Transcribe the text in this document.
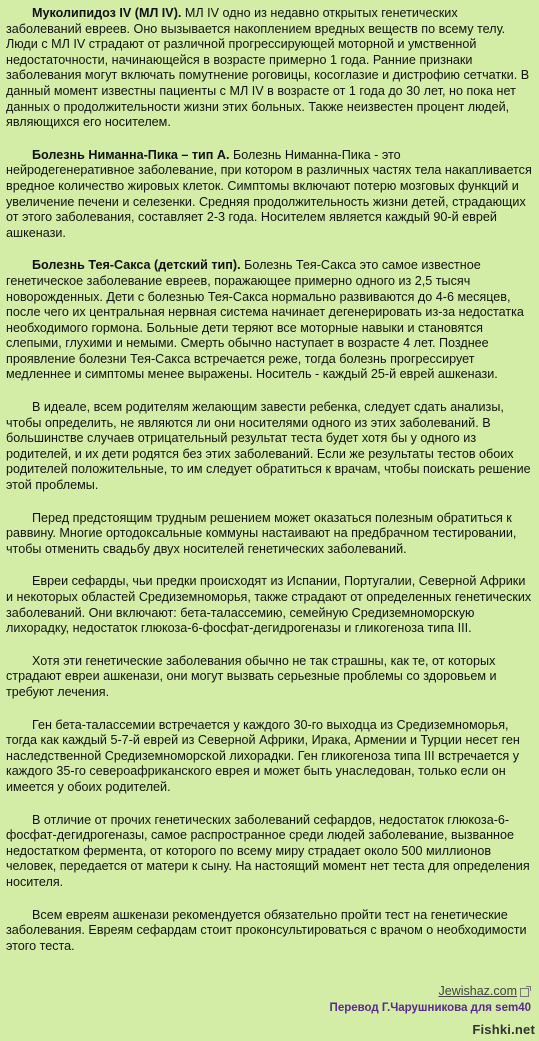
Муколипидоз IV (МЛ IV). МЛ IV одно из недавно открытых генетических заболеваний евреев. Оно вызывается накоплением вредных веществ по всему телу. Люди с МЛ IV страдают от различной прогрессирующей моторной и умственной недостаточности, начинающейся в возрасте примерно 1 года. Ранние признаки заболевания могут включать помутнение роговицы, косоглазие и дистрофию сетчатки. В данный момент известны пациенты с МЛ IV в возрасте от 1 года до 30 лет, но пока нет данных о продолжительности жизни этих больных. Также неизвестен процент людей, являющихся его носителем.

Болезнь Ниманна-Пика – тип А. Болезнь Ниманна-Пика - это нейродегенеративное заболевание, при котором в различных частях тела накапливается вредное количество жировых клеток. Симптомы включают потерю мозговых функций и увеличение печени и селезенки. Средняя продолжительность жизни детей, страдающих от этого заболевания, составляет 2-3 года. Носителем является каждый 90-й еврей ашкенази.

Болезнь Тея-Сакса (детский тип). Болезнь Тея-Сакса это самое известное генетическое заболевание евреев, поражающее примерно одного из 2,5 тысяч новорожденных. Дети с болезнью Тея-Сакса нормально развиваются до 4-6 месяцев, после чего их центральная нервная система начинает дегенерировать из-за недостатка необходимого гормона. Больные дети теряют все моторные навыки и становятся слепыми, глухими и немыми. Смерть обычно наступает в возрасте 4 лет. Позднее проявление болезни Тея-Сакса встречается реже, тогда болезнь прогрессирует медленнее и симптомы менее выражены. Носитель - каждый 25-й еврей ашкенази.

В идеале, всем родителям желающим завести ребенка, следует сдать анализы, чтобы определить, не являются ли они носителями одного из этих заболеваний. В большинстве случаев отрицательный результат теста будет хотя бы у одного из родителей, и их дети родятся без этих заболеваний. Если же результаты тестов обоих родителей положительные, то им следует обратиться к врачам, чтобы поискать решение этой проблемы.

Перед предстоящим трудным решением может оказаться полезным обратиться к раввину. Многие ортодоксальные коммуны настаивают на предбрачном тестировании, чтобы отменить свадьбу двух носителей генетических заболеваний.

Евреи сефарды, чьи предки происходят из Испании, Португалии, Северной Африки и некоторых областей Средиземноморья, также страдают от определенных генетических заболеваний. Они включают: бета-талассемию, семейную Средиземноморскую лихорадку, недостаток глюкоза-6-фосфат-дегидрогеназы и гликогеноза типа III.

Хотя эти генетические заболевания обычно не так страшны, как те, от которых страдают евреи ашкенази, они могут вызвать серьезные проблемы со здоровьем и требуют лечения.

Ген бета-талассемии встречается у каждого 30-го выходца из Средиземноморья, тогда как каждый 5-7-й еврей из Северной Африки, Ирака, Армении и Турции несет ген наследственной Средиземноморской лихорадки. Ген гликогеноза типа III встречается у каждого 35-го североафриканского еврея и может быть унаследован, только если он имеется у обоих родителей.

В отличие от прочих генетических заболеваний сефардов, недостаток глюкоза-6-фосфат-дегидрогеназы, самое распространное среди людей заболевание, вызванное недостатком фермента, от которого по всему миру страдает около 500 миллионов человек, передается от матери к сыну. На настоящий момент нет теста для определения носителя.

Всем евреям ашкенази рекомендуется обязательно пройти тест на генетические заболевания. Евреям сефардам стоит проконсультироваться с врачом о необходимости этого теста.

Jewishaz.com
Перевод Г.Чарушникова для sem40
Fishki.net
